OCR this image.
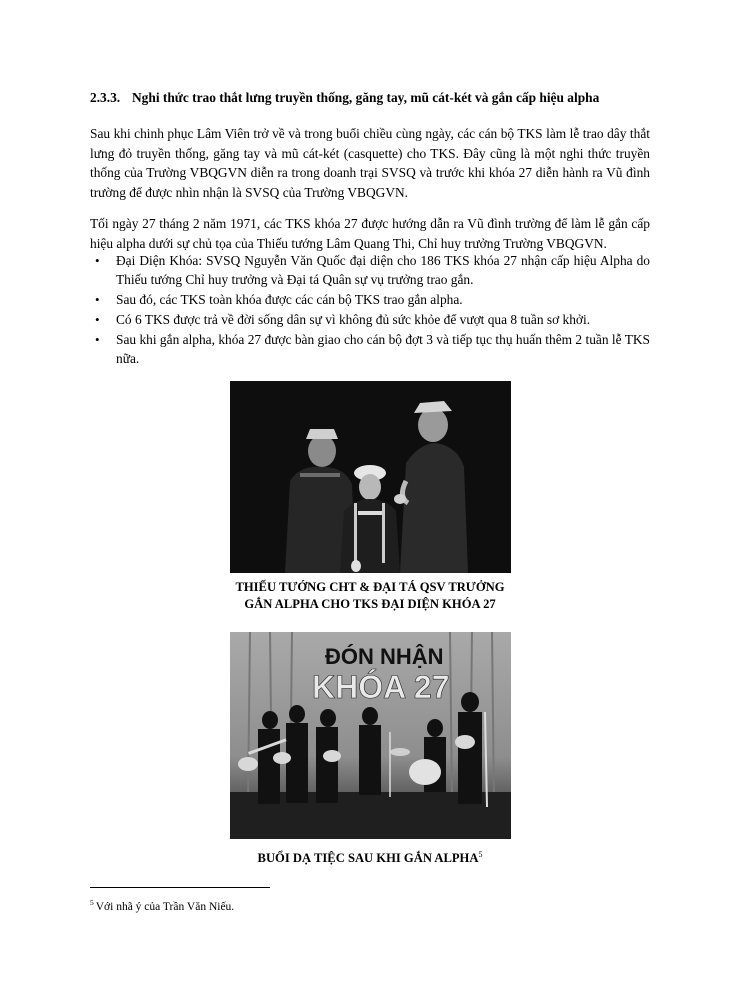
2.3.3. Nghi thức trao thắt lưng truyền thống, găng tay, mũ cát-két và gắn cấp hiệu alpha
Sau khi chinh phục Lâm Viên trở về và trong buổi chiều cùng ngày, các cán bộ TKS làm lễ trao dây thắt lưng đỏ truyền thống, găng tay và mũ cát-két (casquette) cho TKS. Đây cũng là một nghi thức truyền thống của Trường VBQGVN diễn ra trong doanh trại SVSQ và trước khi khóa 27 diễn hành ra Vũ đình trường để được nhìn nhận là SVSQ của Trường VBQGVN.
Tối ngày 27 tháng 2 năm 1971, các TKS khóa 27 được hướng dẫn ra Vũ đình trường để làm lễ gắn cấp hiệu alpha dưới sự chủ tọa của Thiếu tướng Lâm Quang Thi, Chỉ huy trưởng Trường VBQGVN.
• Đại Diện Khóa: SVSQ Nguyễn Văn Quốc đại diện cho 186 TKS khóa 27 nhận cấp hiệu Alpha do Thiếu tướng Chỉ huy trưởng và Đại tá Quân sự vụ trưởng trao gắn.
• Sau đó, các TKS toàn khóa được các cán bộ TKS trao gắn alpha.
• Có 6 TKS được trả về đời sống dân sự vì không đủ sức khỏe để vượt qua 8 tuần sơ khởi.
• Sau khi gắn alpha, khóa 27 được bàn giao cho cán bộ đợt 3 và tiếp tục thụ huấn thêm 2 tuần lễ TKS nữa.
THIẾU TƯỚNG CHT & ĐẠI TÁ QSV TRƯỞNG
GẮN ALPHA CHO TKS ĐẠI DIỆN KHÓA 27
ĐÓN NHẬN
KHÓA 27
BUỔI DẠ TIỆC SAU KHI GẮN ALPHA$^5$
$^5$ Với nhã ý của Trần Văn Niếu.
